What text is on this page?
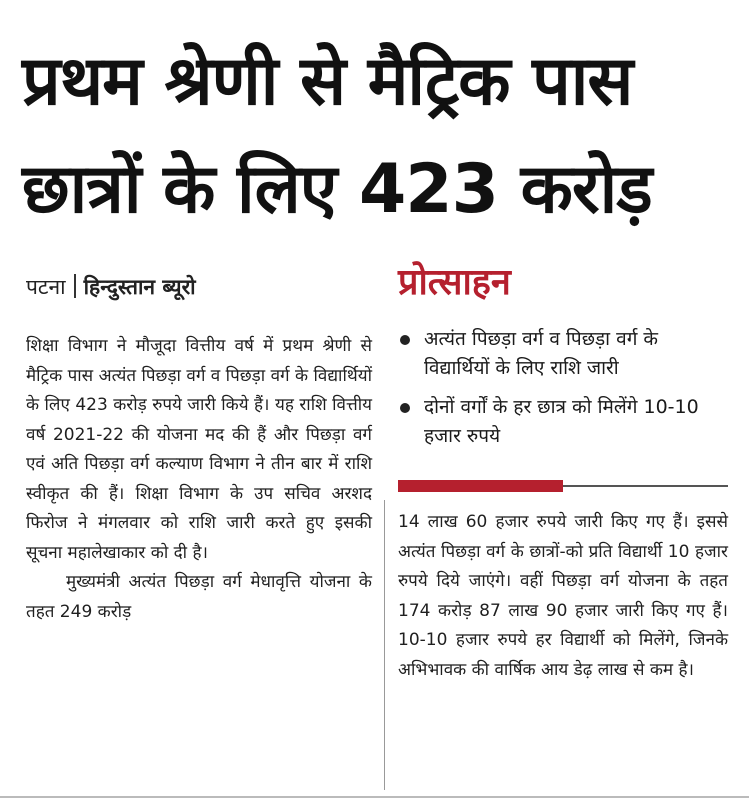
प्रथम श्रेणी से मैट्रिक पास
छात्रों के लिए 423 करोड़
पटना हिन्दुस्तान ब्यूरो

शिक्षा विभाग ने मौजूदा वित्तीय वर्ष में प्रथम श्रेणी से मैट्रिक पास अत्यंत पिछड़ा वर्ग व पिछड़ा वर्ग के विद्यार्थियों के लिए 423 करोड़ रुपये जारी किये हैं। यह राशि वित्तीय वर्ष 2021-22 की योजना मद की हैं और पिछड़ा वर्ग एवं अति पिछड़ा वर्ग कल्याण विभाग ने तीन बार में राशि स्वीकृत की हैं। शिक्षा विभाग के उप सचिव अरशद फिरोज ने मंगलवार को राशि जारी करते हुए इसकी सूचना महालेखाकार को दी है।

मुख्यमंत्री अत्यंत पिछड़ा वर्ग मेधावृत्ति योजना के तहत 249 करोड़

प्रोत्साहन
अत्यंत पिछड़ा वर्ग व पिछड़ा वर्ग के विद्यार्थियों के लिए राशि जारी
दोनों वर्गों के हर छात्र को मिलेंगे 10-10 हजार रुपये

14 लाख 60 हजार रुपये जारी किए गए हैं। इससे अत्यंत पिछड़ा वर्ग के छात्रों-को प्रति विद्यार्थी 10 हजार रुपये दिये जाएंगे। वहीं पिछड़ा वर्ग योजना के तहत 174 करोड़ 87 लाख 90 हजार जारी किए गए हैं। 10-10 हजार रुपये हर विद्यार्थी को मिलेंगे, जिनके अभिभावक की वार्षिक आय डेढ़ लाख से कम है।
